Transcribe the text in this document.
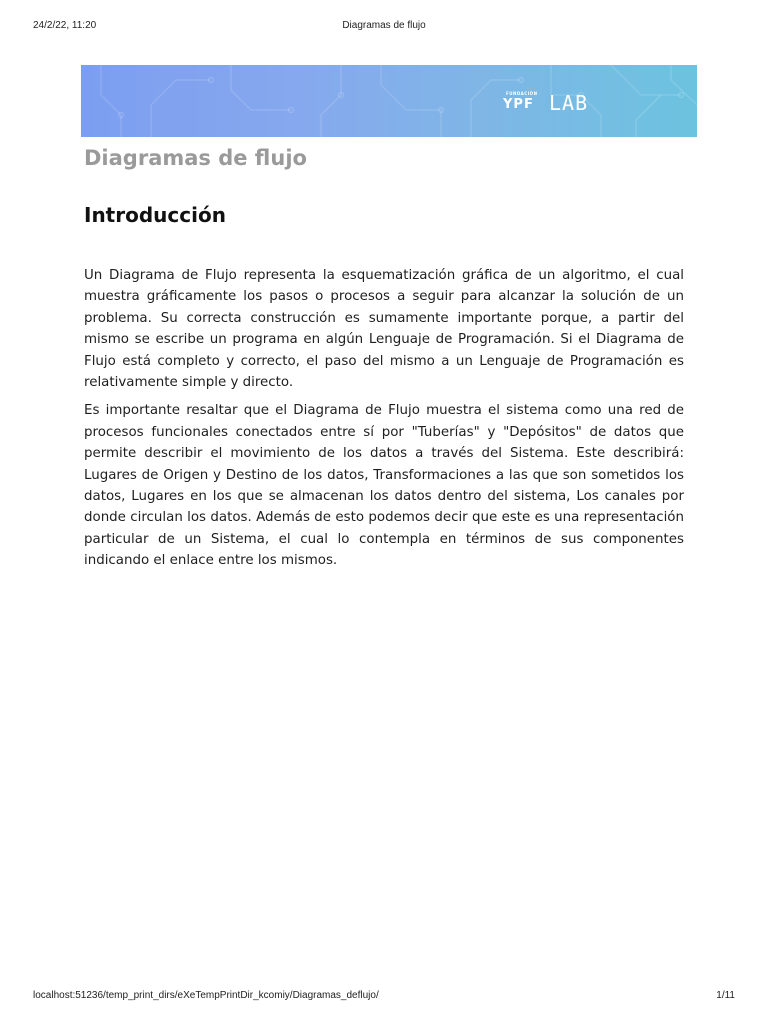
24/2/22, 11:20	Diagramas de flujo
FUNDACIÓN
YPF LAB
Diagramas de flujo
Introducción

Un Diagrama de Flujo representa la esquematización gráfica de un algoritmo, el cual muestra gráficamente los pasos o procesos a seguir para alcanzar la solución de un problema. Su correcta construcción es sumamente importante porque, a partir del mismo se escribe un programa en algún Lenguaje de Programación. Si el Diagrama de Flujo está completo y correcto, el paso del mismo a un Lenguaje de Programación es relativamente simple y directo.

Es importante resaltar que el Diagrama de Flujo muestra el sistema como una red de procesos funcionales conectados entre sí por "Tuberías" y "Depósitos" de datos que permite describir el movimiento de los datos a través del Sistema. Este describirá: Lugares de Origen y Destino de los datos, Transformaciones a las que son sometidos los datos, Lugares en los que se almacenan los datos dentro del sistema, Los canales por donde circulan los datos. Además de esto podemos decir que este es una representación particular de un Sistema, el cual lo contempla en términos de sus componentes indicando el enlace entre los mismos.

localhost:51236/temp_print_dirs/eXeTempPrintDir_kcomiy/Diagramas_deflujo/	1/11
